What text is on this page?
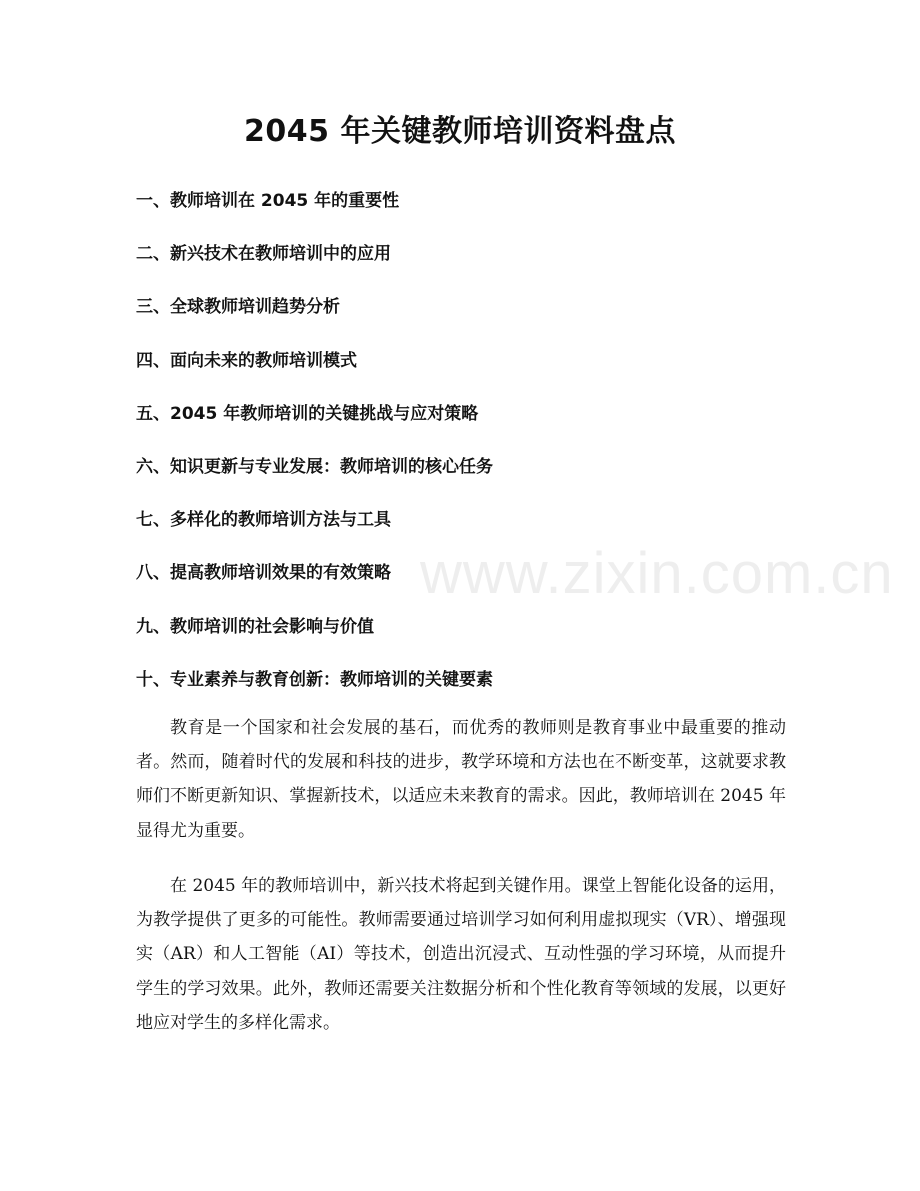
2045 年关键教师培训资料盘点
一、教师培训在 2045 年的重要性
二、新兴技术在教师培训中的应用
三、全球教师培训趋势分析
四、面向未来的教师培训模式
五、2045 年教师培训的关键挑战与应对策略
六、知识更新与专业发展：教师培训的核心任务
七、多样化的教师培训方法与工具
八、提高教师培训效果的有效策略
九、教师培训的社会影响与价值
十、专业素养与教育创新：教师培训的关键要素

教育是一个国家和社会发展的基石，而优秀的教师则是教育事业中最重要的推动者。然而，随着时代的发展和科技的进步，教学环境和方法也在不断变革，这就要求教师们不断更新知识、掌握新技术，以适应未来教育的需求。因此，教师培训在 2045 年显得尤为重要。

在 2045 年的教师培训中，新兴技术将起到关键作用。课堂上智能化设备的运用，为教学提供了更多的可能性。教师需要通过培训学习如何利用虚拟现实（VR）、增强现实（AR）和人工智能（AI）等技术，创造出沉浸式、互动性强的学习环境，从而提升学生的学习效果。此外，教师还需要关注数据分析和个性化教育等领域的发展，以更好地应对学生的多样化需求。

www.zixin.com.cn
